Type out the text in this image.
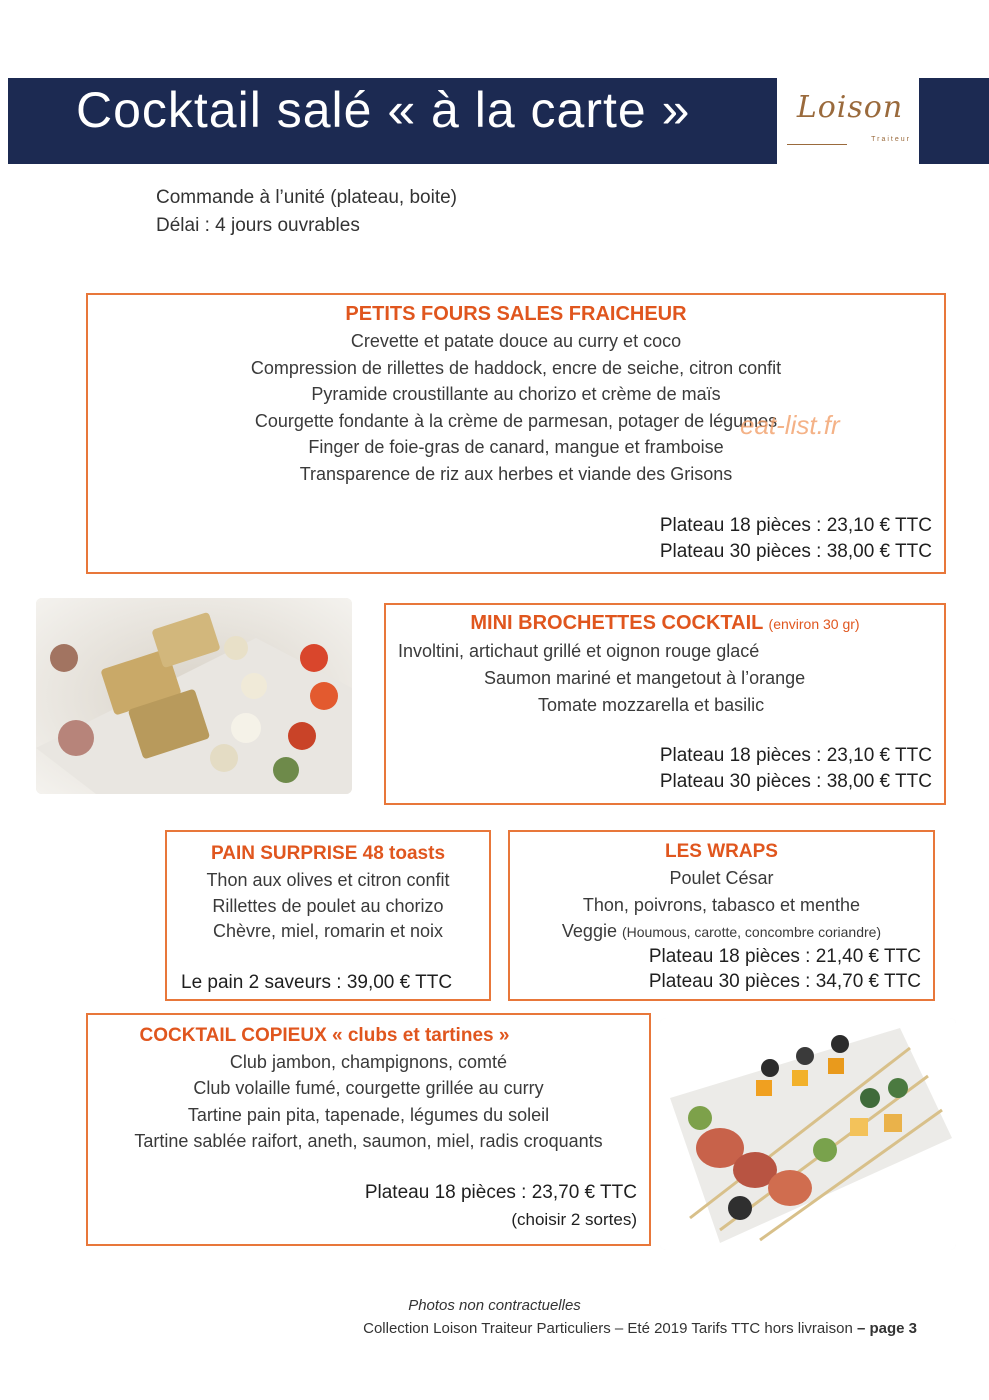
Cocktail salé « à la carte »	Loison
Traiteur
Commande à l’unité (plateau, boite)
Délai : 4 jours ouvrables
PETITS FOURS SALES FRAICHEUR
Crevette et patate douce au curry et coco
Compression de rillettes de haddock, encre de seiche, citron confit
Pyramide croustillante au chorizo et crème de maïs
Courgette fondante à la crème de parmesan, potager de légumes
Finger de foie-gras de canard, mangue et framboise
Transparence de riz aux herbes et viande des Grisons
Plateau 18 pièces : 23,10 € TTC
Plateau 30 pièces : 38,00 € TTC
eat-list.fr
MINI BROCHETTES COCKTAIL (environ 30 gr)
Involtini, artichaut grillé et oignon rouge glacé
Saumon mariné et mangetout à l’orange
Tomate mozzarella et basilic
Plateau 18 pièces : 23,10 € TTC
Plateau 30 pièces : 38,00 € TTC
PAIN SURPRISE 48 toasts
Thon aux olives et citron confit
Rillettes de poulet au chorizo
Chèvre, miel, romarin et noix
Le pain 2 saveurs : 39,00 € TTC
LES WRAPS
Poulet César
Thon, poivrons, tabasco et menthe
Veggie (Houmous, carotte, concombre coriandre)
Plateau 18 pièces : 21,40 € TTC
Plateau 30 pièces : 34,70 € TTC
COCKTAIL COPIEUX « clubs et tartines »
Club jambon, champignons, comté
Club volaille fumé, courgette grillée au curry
Tartine pain pita, tapenade, légumes du soleil
Tartine sablée raifort, aneth, saumon, miel, radis croquants
Plateau 18 pièces : 23,70 € TTC
(choisir 2 sortes)
Photos non contractuelles
Collection Loison Traiteur Particuliers – Eté 2019 Tarifs TTC hors livraison – page 3
